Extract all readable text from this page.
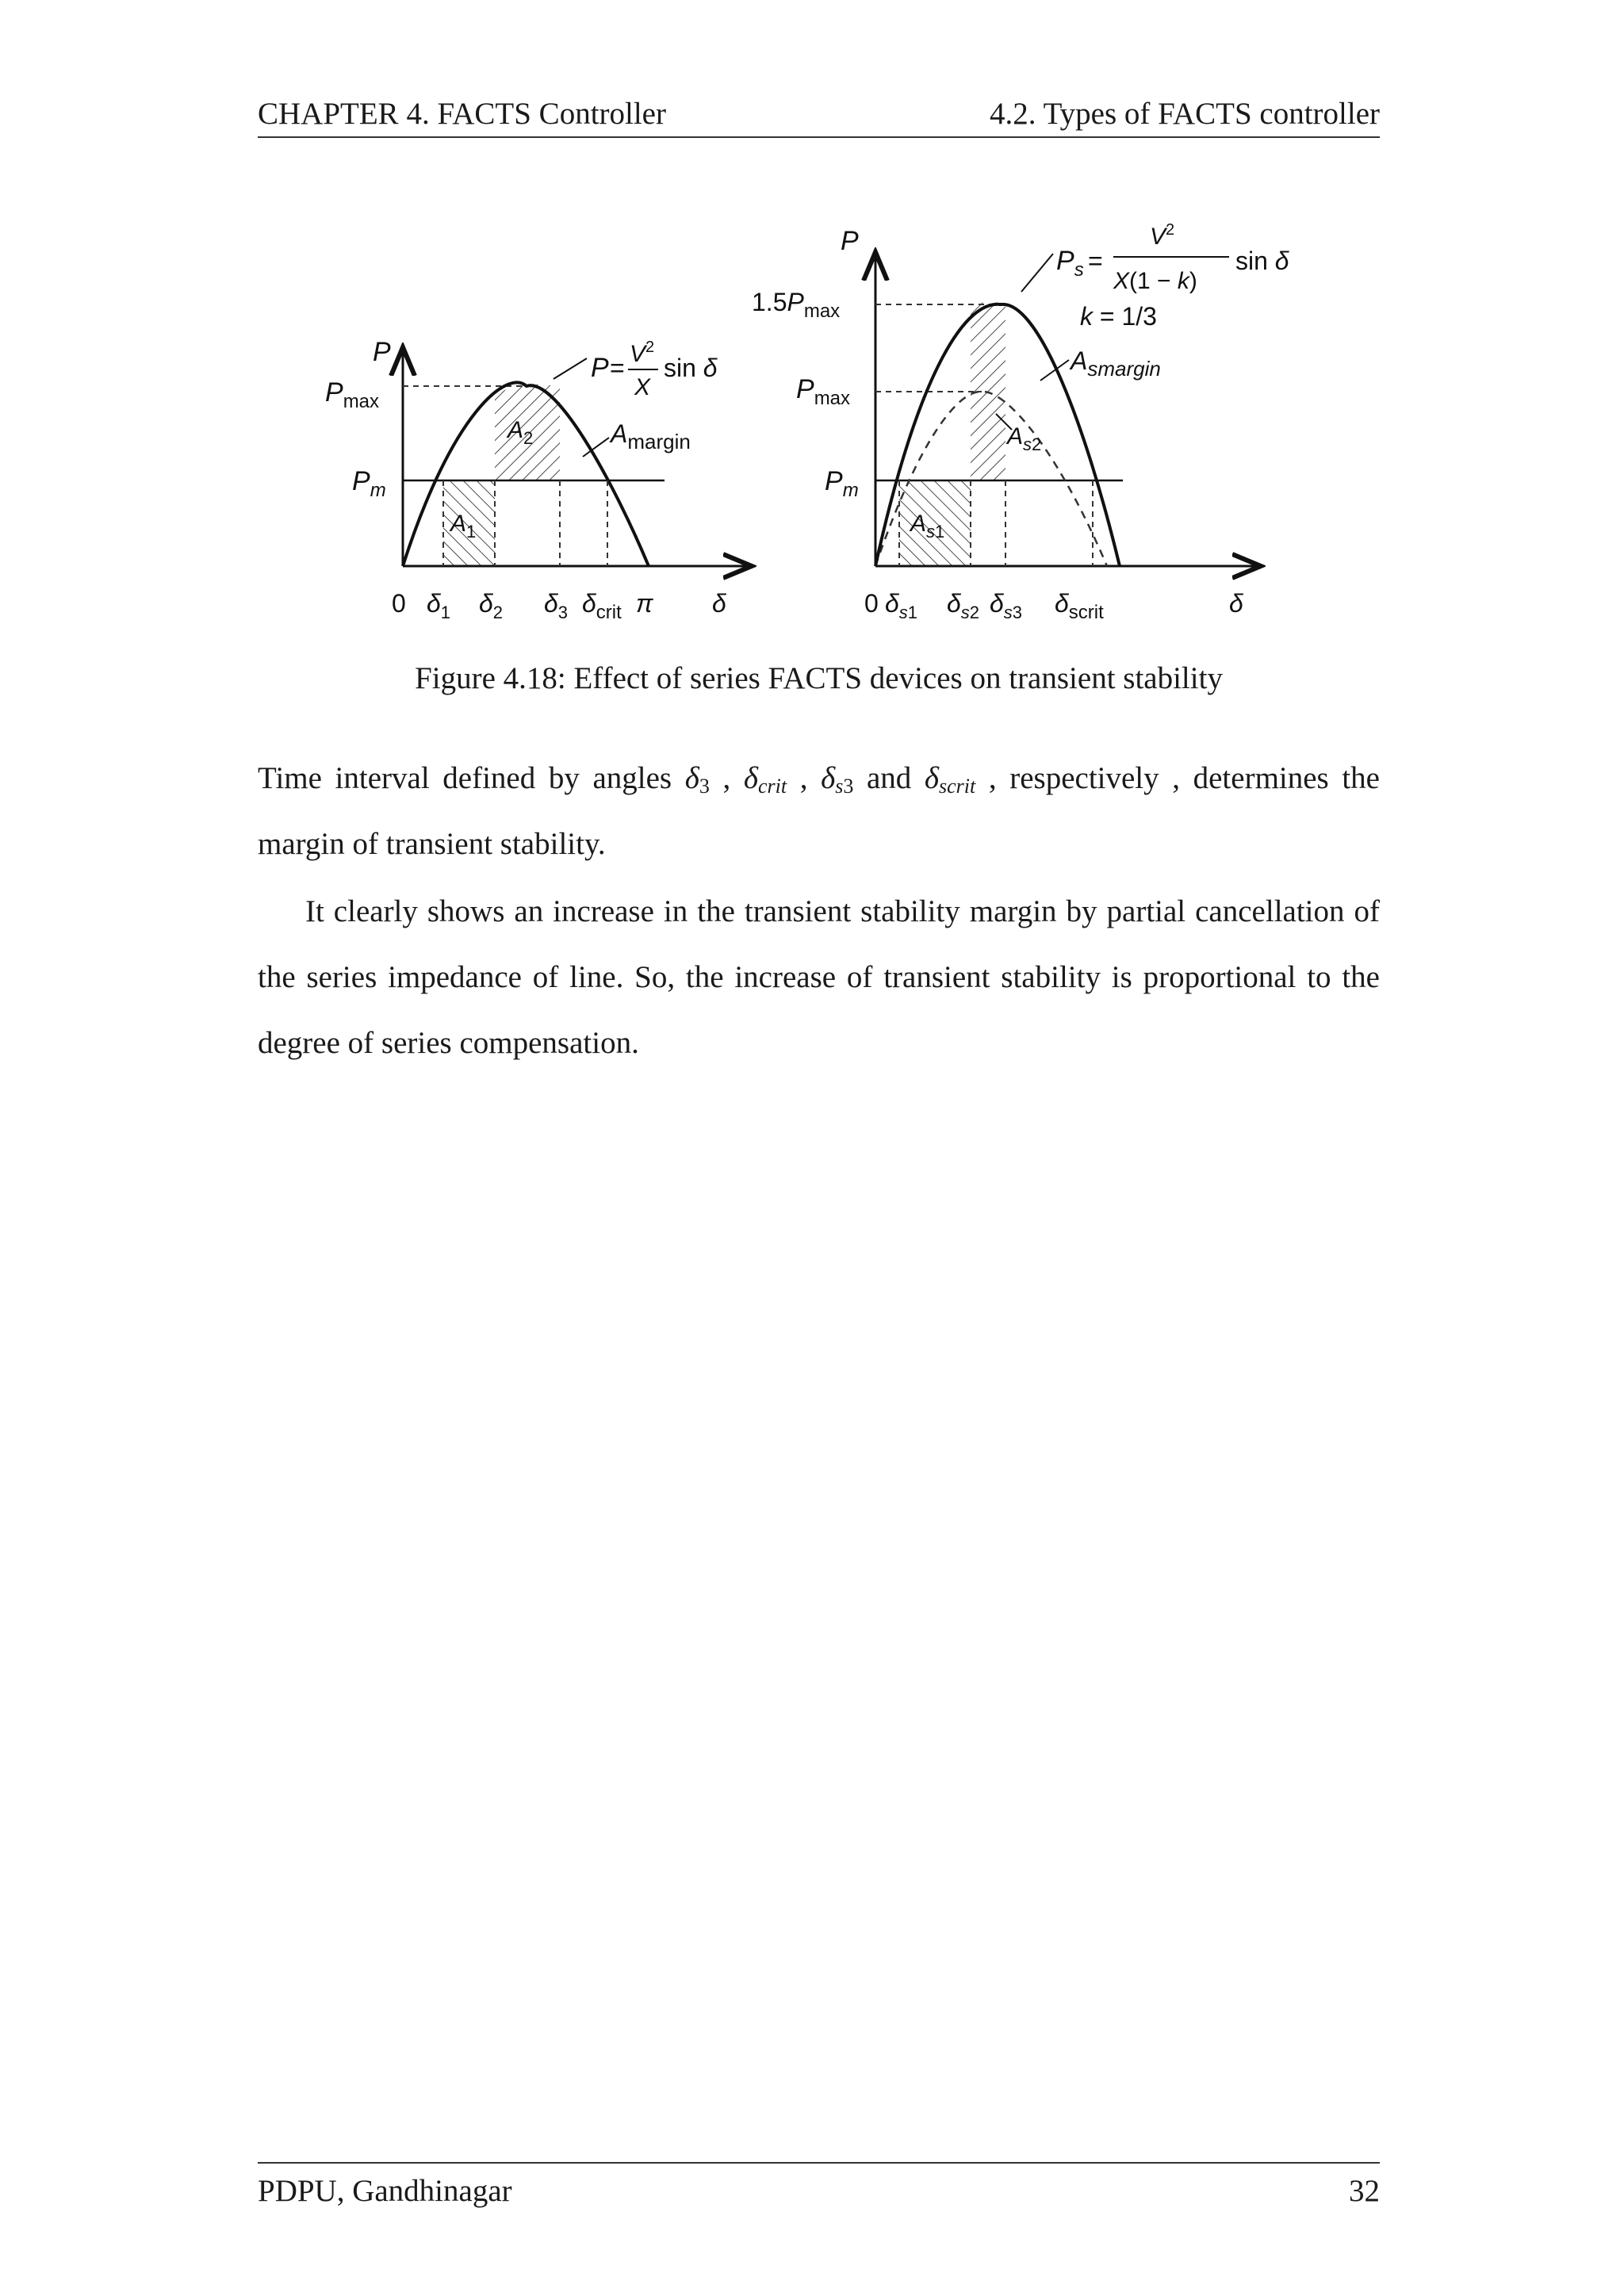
CHAPTER 4. FACTS Controller	4.2. Types of FACTS controller
P
$P_{max}$
$P_m$
$A_1$
$A_2$	$A_{margin}$
$P = V^2$
X
sin δ
0 $\delta_1$ $\delta_2$ $\delta_3$ $\delta_{crit}$ π δ
P
$1.5P_{max}$
$P_{max}$
$P_m$
$A_s1$
$A_s2$
$A_{smargin}$
$P_s$ =
$V^2$
X(1 − k)
sin δ
k = 1/3
0 $\delta_s1$ $\delta_s2$ $\delta_s3$ $\delta_{scrit}$	δ
Figure 4.18: Effect of series FACTS devices on transient stability

Time interval defined by angles $\delta_3$ , $\delta_{crit}$ , $\delta_{s3}$ and $\delta_{scrit}$ , respectively , determines the margin of transient stability.

It clearly shows an increase in the transient stability margin by partial cancellation of the series impedance of line. So, the increase of transient stability is proportional to the degree of series compensation.

PDPU, Gandhinagar	32
